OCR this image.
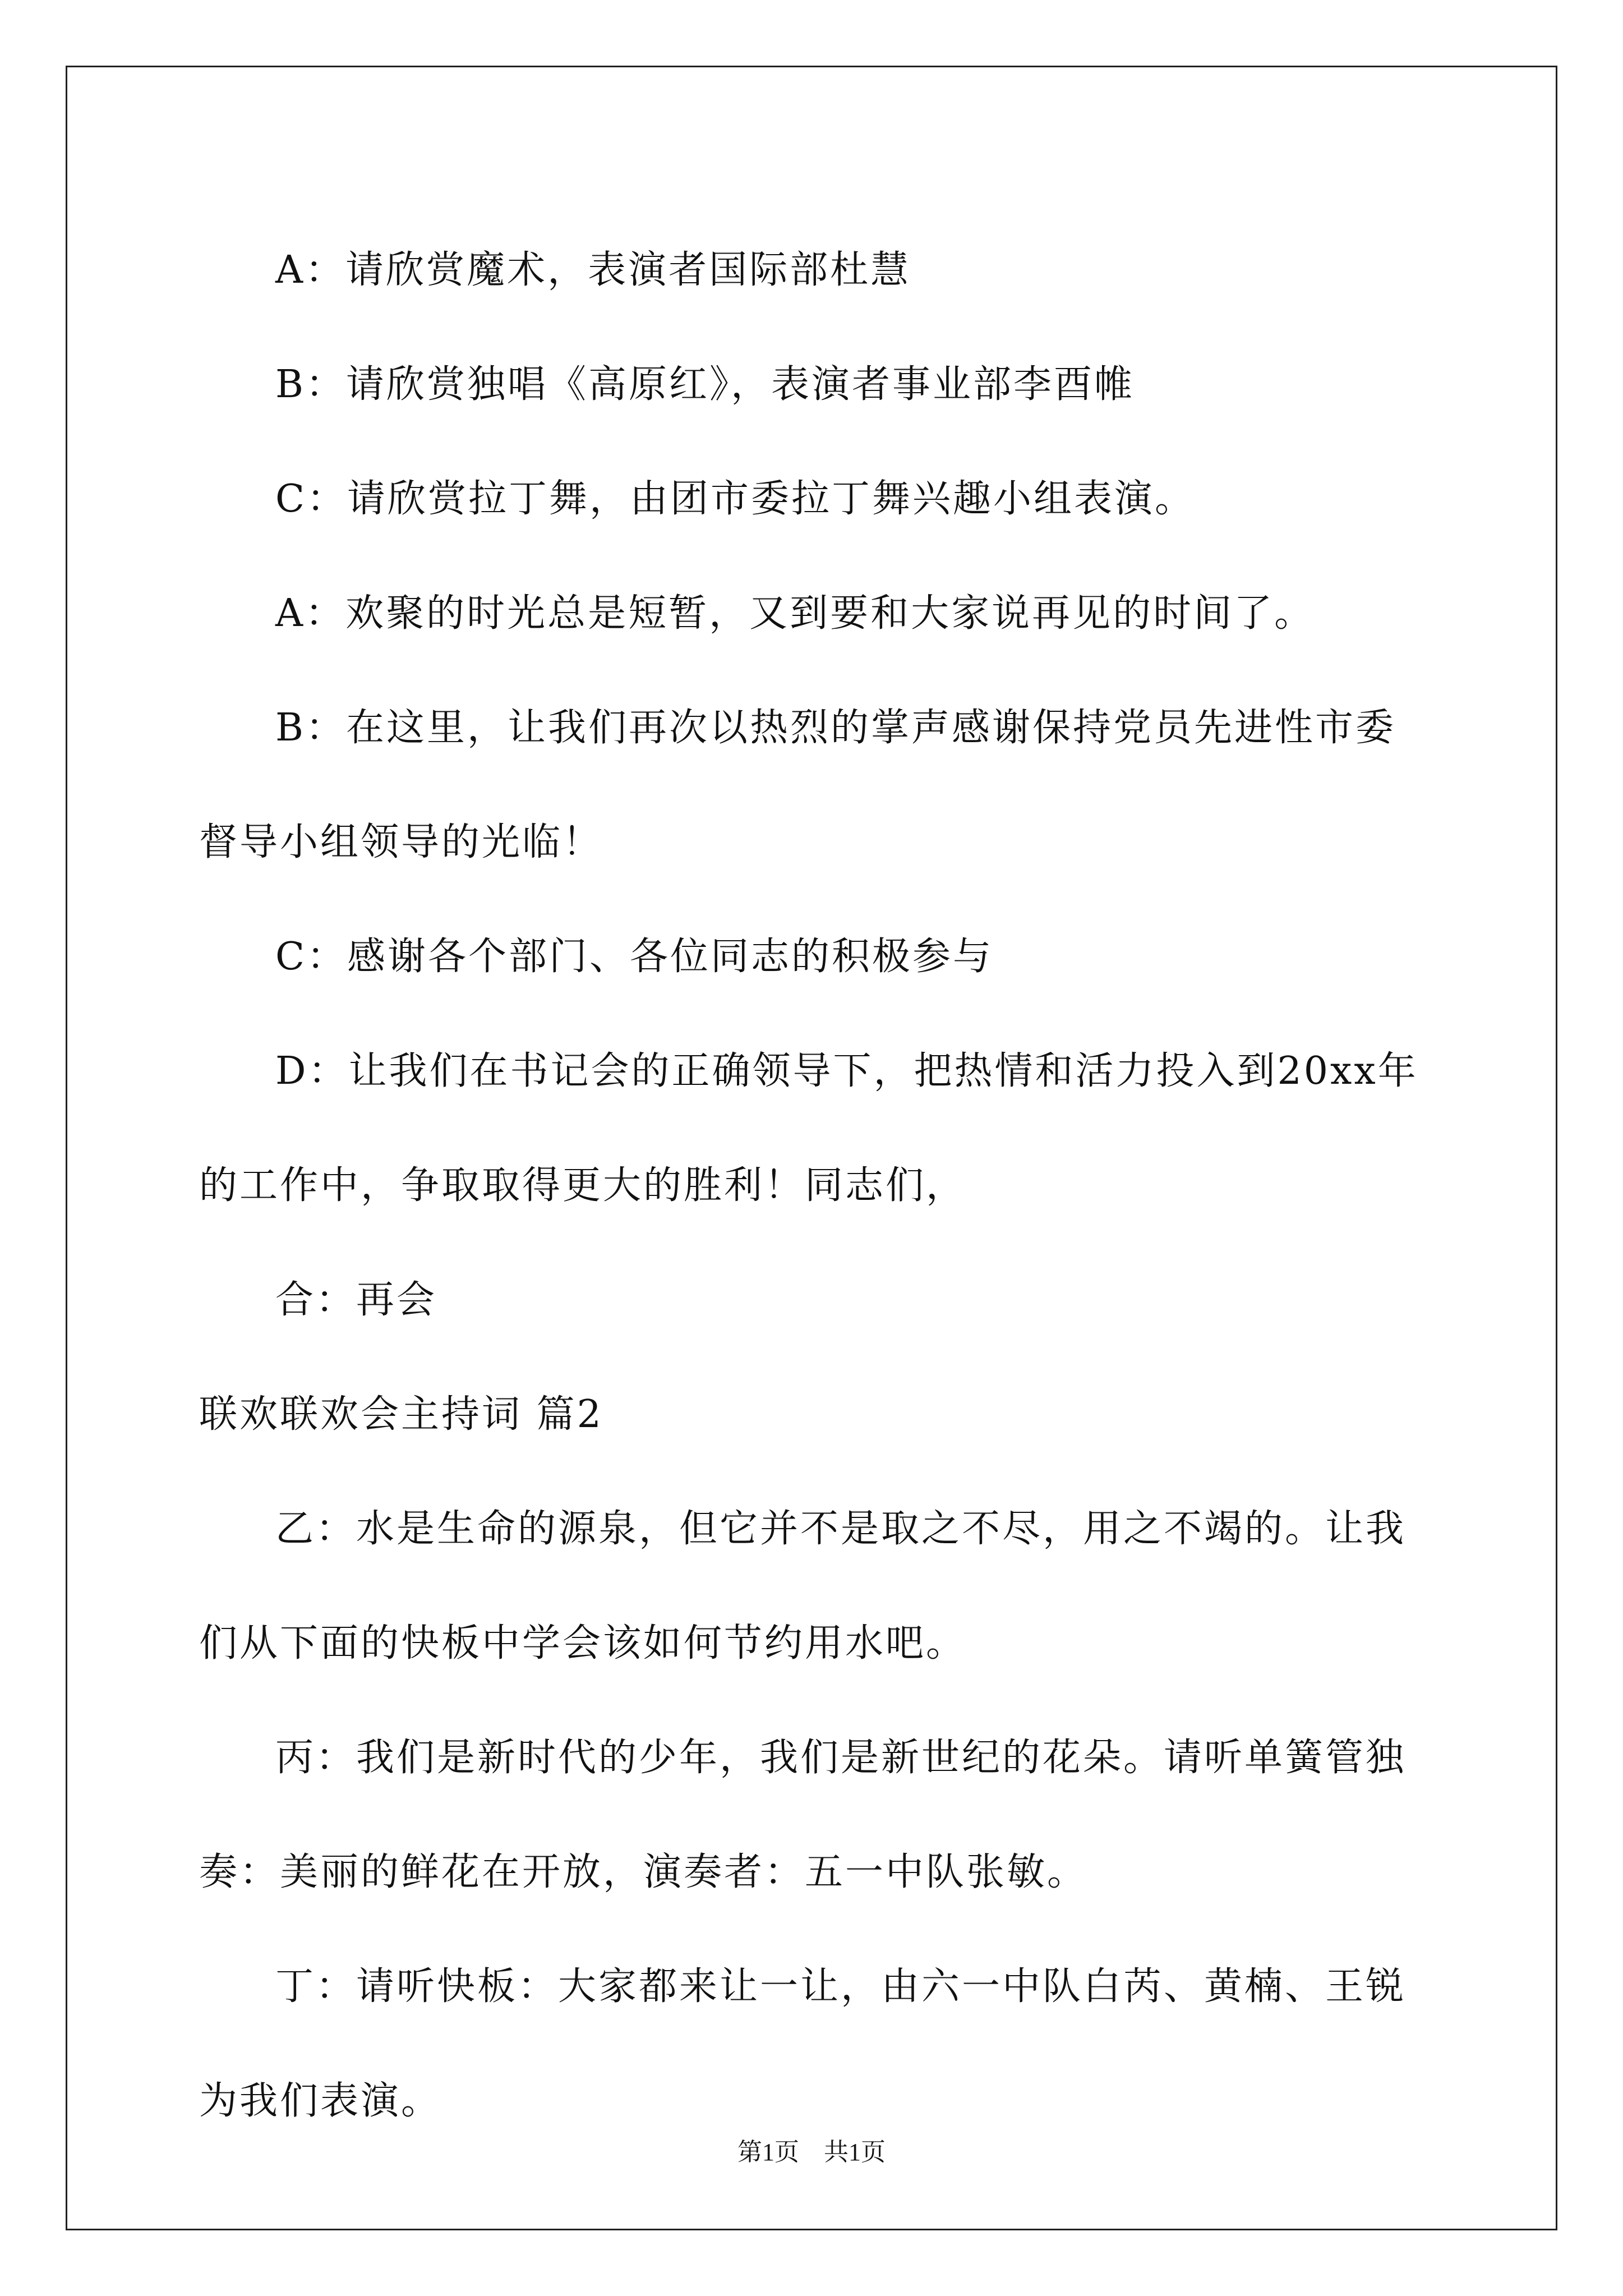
A：请欣赏魔术，表演者国际部杜慧

B：请欣赏独唱《高原红》，表演者事业部李酉帷

C：请欣赏拉丁舞，由团市委拉丁舞兴趣小组表演。

A：欢聚的时光总是短暂，又到要和大家说再见的时间了。

B：在这里，让我们再次以热烈的掌声感谢保持党员先进性市委督导小组领导的光临！

C：感谢各个部门、各位同志的积极参与

D：让我们在书记会的正确领导下，把热情和活力投入到20xx年的工作中，争取取得更大的胜利！同志们，

合：再会

联欢联欢会主持词 篇2

乙：水是生命的源泉，但它并不是取之不尽，用之不竭的。让我们从下面的快板中学会该如何节约用水吧。

丙：我们是新时代的少年，我们是新世纪的花朵。请听单簧管独奏：美丽的鲜花在开放，演奏者：五一中队张敏。

丁：请听快板：大家都来让一让，由六一中队白芮、黄楠、王锐为我们表演。

第1页　共1页
